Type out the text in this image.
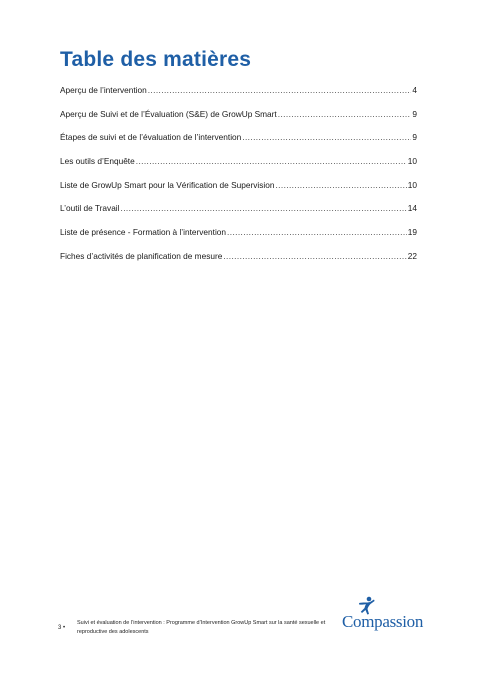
Table des matières
Aperçu de l’intervention .....	4
Aperçu de Suivi et de l’Évaluation (S&E) de GrowUp Smart .....	9
Étapes de suivi et de l’évaluation de l’intervention .....	9
Les outils d’Enquête .....	10
Liste de GrowUp Smart pour la Vérification de Supervision .....	10
L’outil de Travail .....	14
Liste de présence - Formation à l’intervention .....	19
Fiches d’activités de planification de mesure .....	22
3 •
Suivi et évaluation de l’intervention : Programme d’Intervention GrowUp Smart sur la santé sexuelle et reproductive des adolescents
Compassion
